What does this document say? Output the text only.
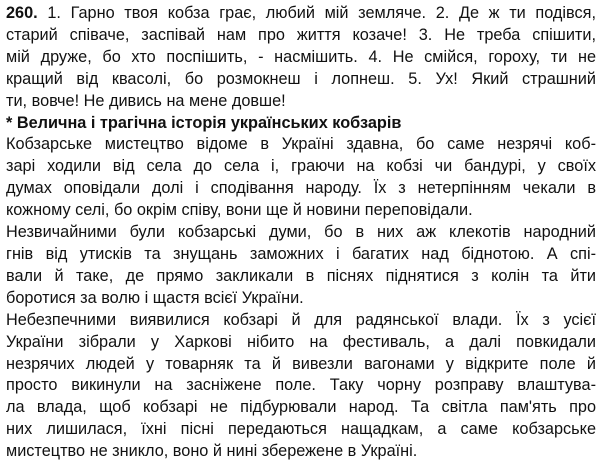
260. 1. Гарно твоя кобза грає, любий мій земляче. 2. Де ж ти подівся,
старий співаче, заспівай нам про життя козаче! 3. Не треба спішити,
мій друже, бо хто поспішить, - насмішить. 4. Не смійся, гороху, ти не
кращий від квасолі, бо розмокнеш і лопнеш. 5. Ух! Який страшний
ти, вовче! Не дивись на мене довше!
* Велична і трагічна історія українських кобзарів
Кобзарське мистецтво відоме в Україні здавна, бо саме незрячі коб-
зарі ходили від села до села і, граючи на кобзі чи бандурі, у своїх
думах оповідали долі і сподівання народу. Їх з нетерпінням чекали в
кожному селі, бо окрім співу, вони ще й новини переповідали.
Незвичайними були кобзарські думи, бо в них аж клекотів народний
гнів від утисків та знущань заможних і багатих над біднотою. А спі-
вали й таке, де прямо закликали в піснях піднятися з колін та йти
боротися за волю і щастя всієї України.
Небезпечними виявилися кобзарі й для радянської влади. Їх з усієї
України зібрали у Харкові нібито на фестиваль, а далі повкидали
незрячих людей у товарняк та й вивезли вагонами у відкрите поле й
просто викинули на засніжене поле. Таку чорну розправу влаштува-
ла влада, щоб кобзарі не підбурювали народ. Та світла пам'ять про
них лишилася, їхні пісні передаються нащадкам, а саме кобзарське
мистецтво не зникло, воно й нині збережене в Україні.
